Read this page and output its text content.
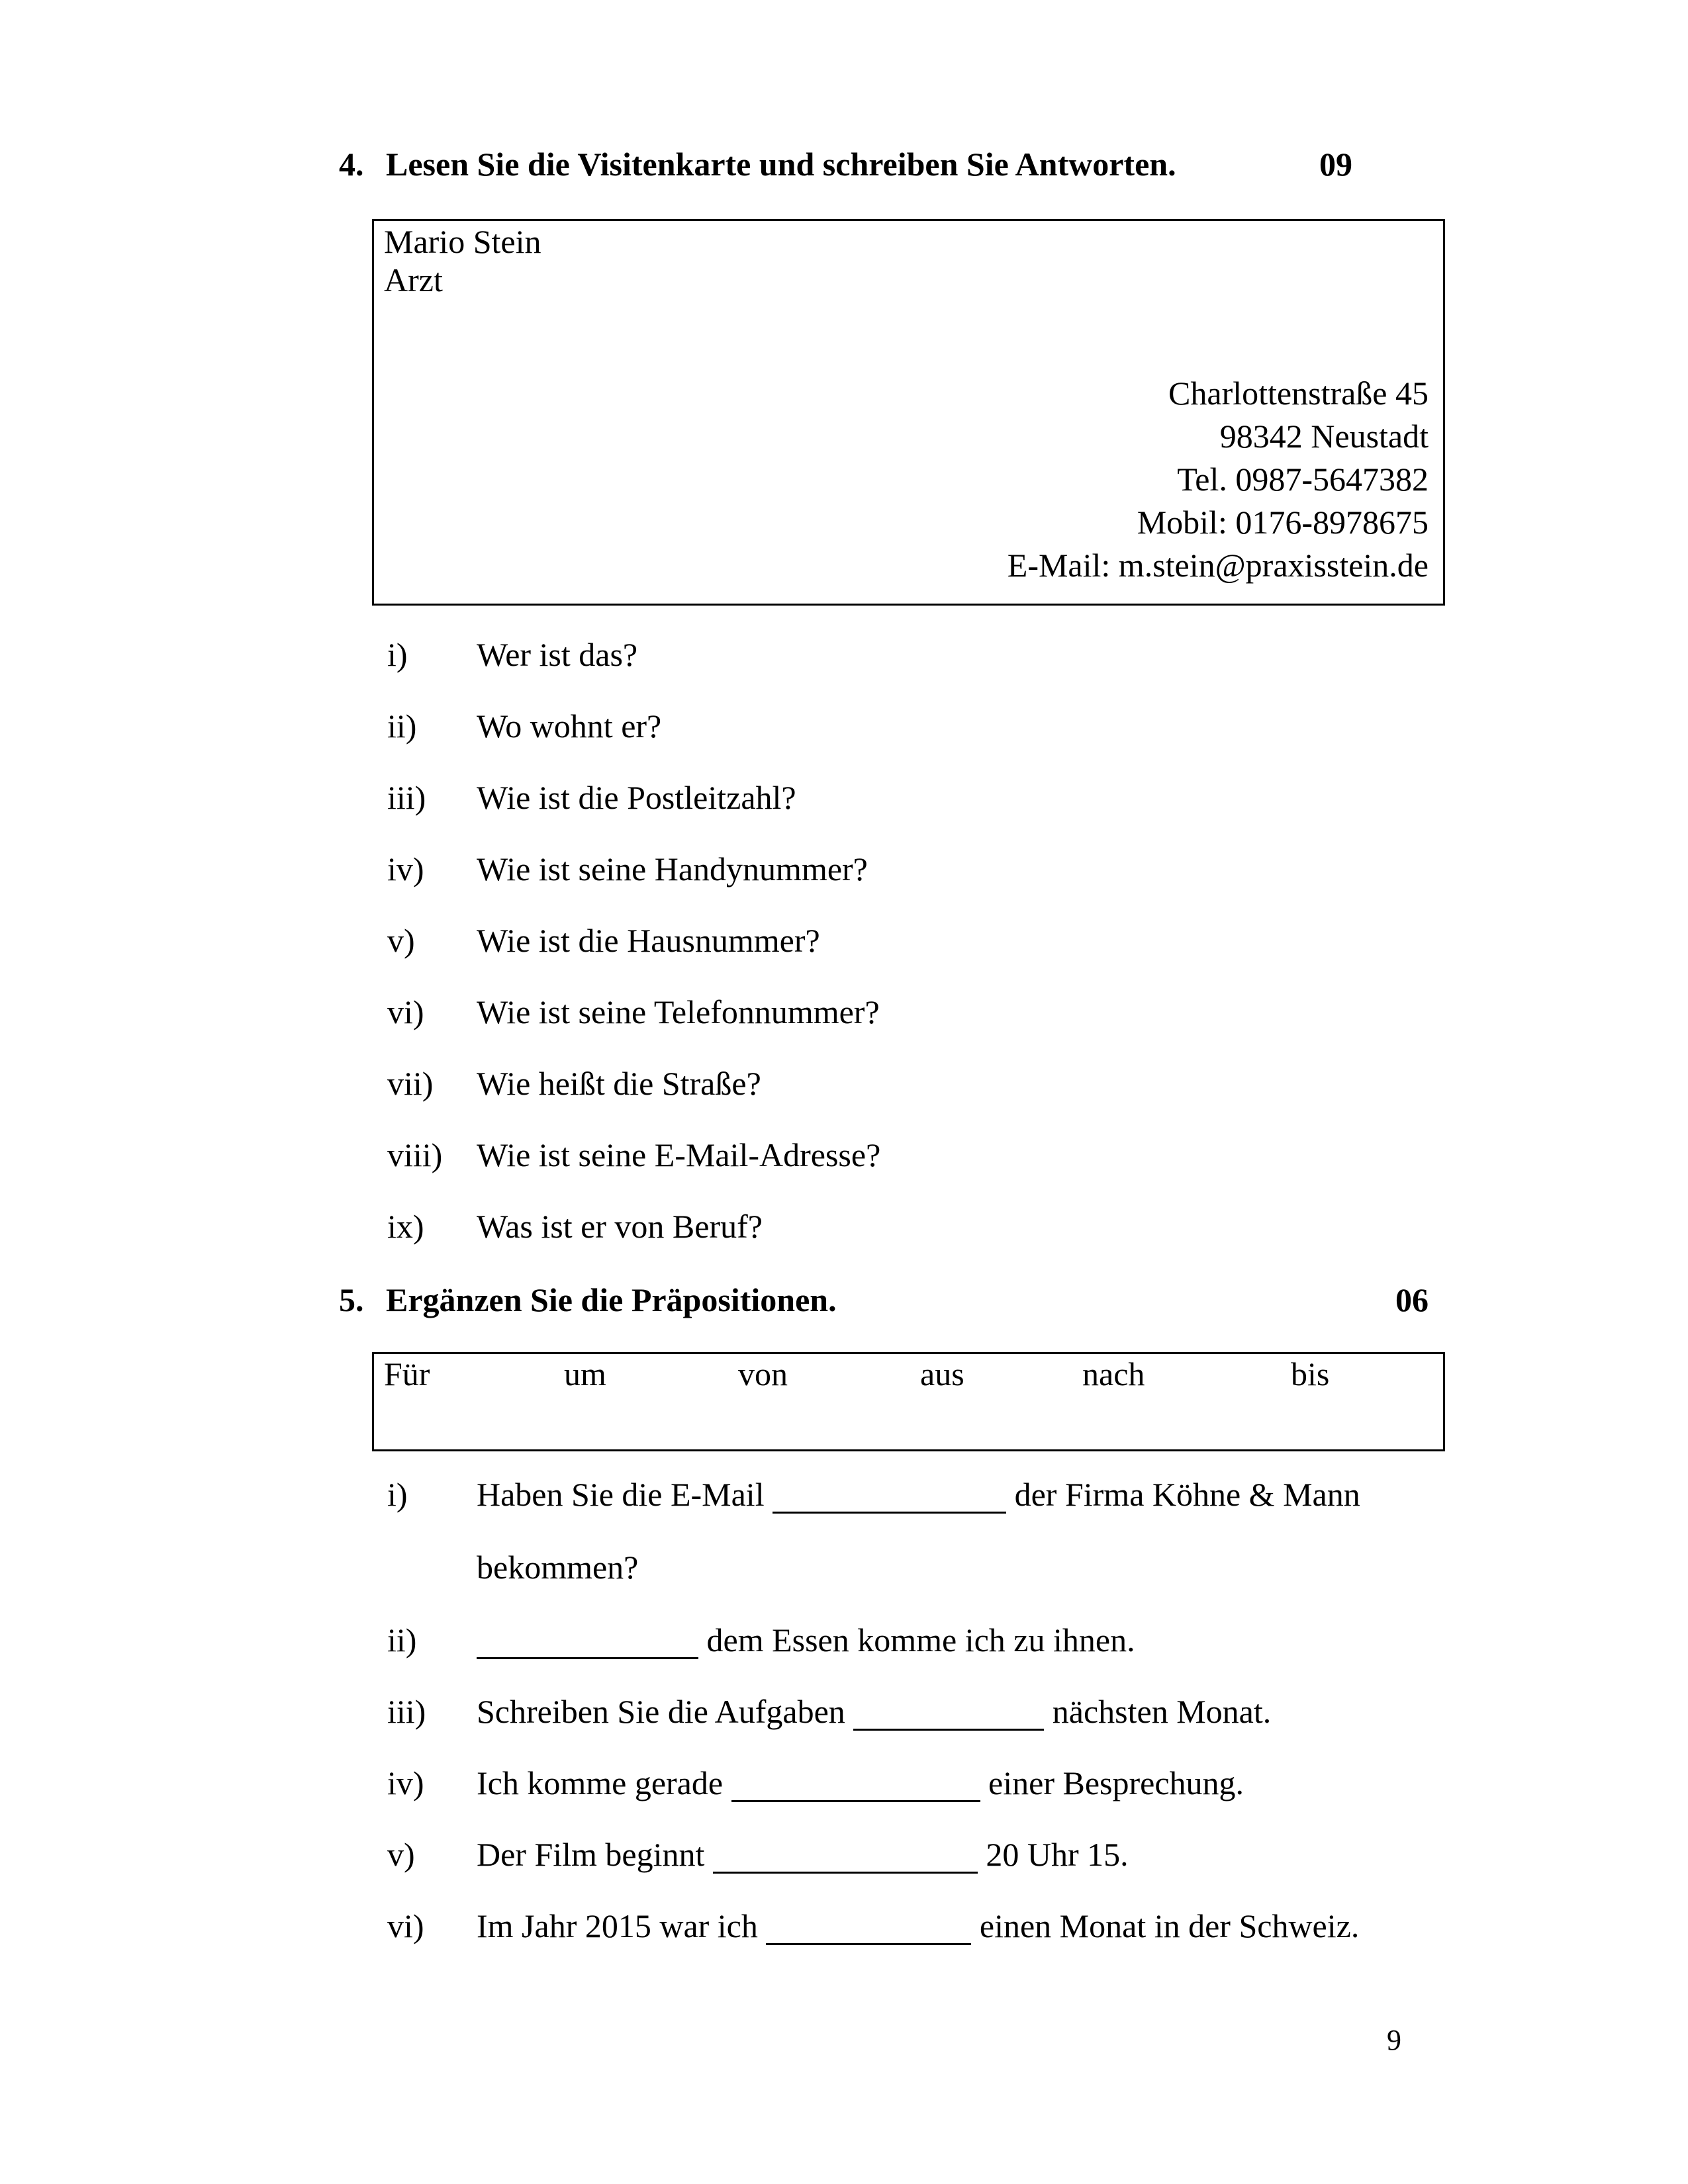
4. Lesen Sie die Visitenkarte und schreiben Sie Antworten.	09
Mario Stein
Arzt
Charlottenstraße 45
98342 Neustadt
Tel. 0987-5647382
Mobil: 0176-8978675
E-Mail: m.stein@praxisstein.de
i) Wer ist das?
ii) Wo wohnt er?
iii) Wie ist die Postleitzahl?
iv) Wie ist seine Handynummer?
v) Wie ist die Hausnummer?
vi) Wie ist seine Telefonnummer?
vii) Wie heißt die Straße?
viii) Wie ist seine E-Mail-Adresse?
ix) Was ist er von Beruf?
5. Ergänzen Sie die Präpositionen.	06
Für	um	von	aus	nach	bis
i) Haben Sie die E-Mail	der Firma Köhne & Mann
bekommen?
ii)	dem Essen komme ich zu ihnen.
iii) Schreiben Sie die Aufgaben	nächsten Monat.
iv) Ich komme gerade	einer Besprechung.
v) Der Film beginnt	20 Uhr 15.
vi) Im Jahr 2015 war ich	einen Monat in der Schweiz.
9
